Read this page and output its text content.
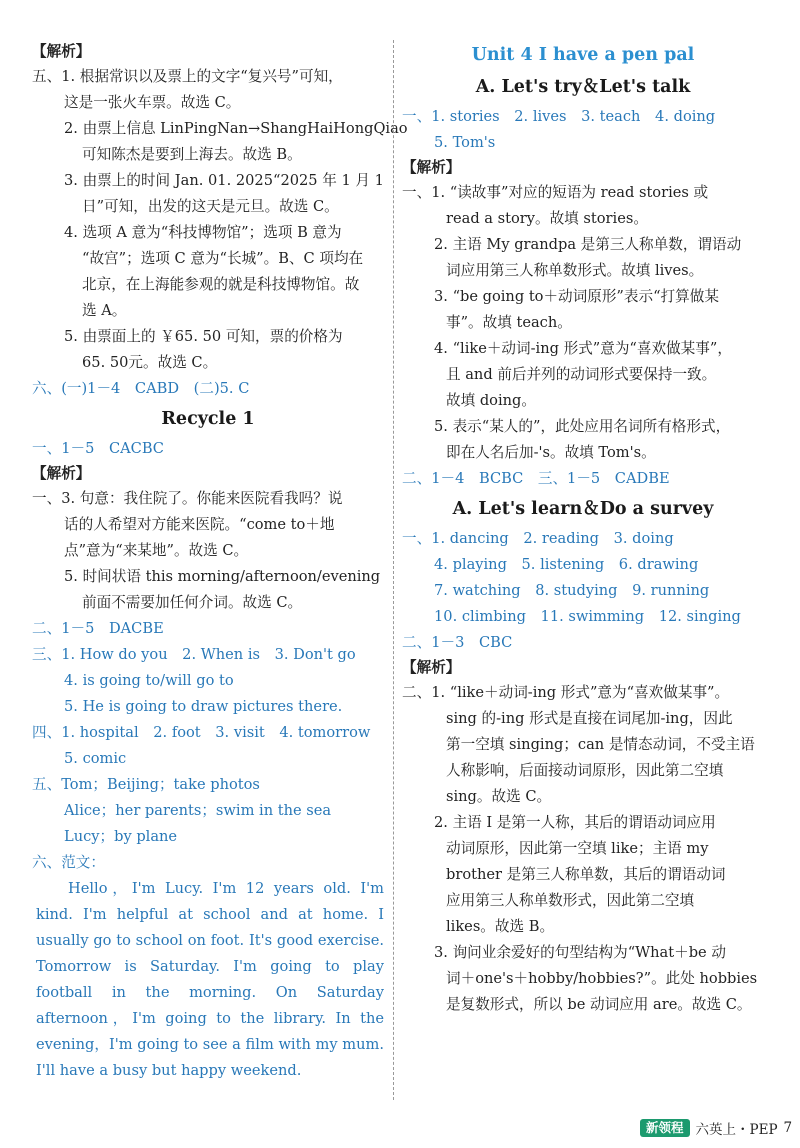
【解析】

五、1. 根据常识以及票上的文字“复兴号”可知，

这是一张火车票。故选 C。

2. 由票上信息 LinPingNan→ShangHaiHongQiao

可知陈杰是要到上海去。故选 B。

3. 由票上的时间 Jan. 01. 2025“2025 年 1 月 1

日”可知，出发的这天是元旦。故选 C。

4. 选项 A 意为“科技博物馆”；选项 B 意为

“故宫”；选项 C 意为“长城”。B、C 项均在

北京，在上海能参观的就是科技博物馆。故

选 A。

5. 由票面上的 ￥65. 50 可知，票的价格为

65. 50元。故选 C。

六、(一)1－4　CABD　(二)5. C

Recycle 1

一、1－5　CACBC

【解析】

一、3. 句意：我住院了。你能来医院看我吗？说

话的人希望对方能来医院。“come to＋地

点”意为“来某地”。故选 C。

5. 时间状语 this morning/afternoon/evening

前面不需要加任何介词。故选 C。

二、1－5　DACBE

三、1. How do you　2. When is　3. Don't go

4. is going to/will go to

5. He is going to draw pictures there.

四、1. hospital　2. foot　3. visit　4. tomorrow

5. comic

五、Tom；Beijing；take photos

Alice；her parents；swim in the sea

Lucy；by plane

六、范文：

Hello，I'm Lucy. I'm 12 years old. I'm kind. I'm helpful at school and at home. I usually go to school on foot. It's good exercise. Tomorrow is Saturday. I'm going to play football in the morning. On Saturday afternoon，I'm going to the library. In the evening，I'm going to see a film with my mum. I'll have a busy but happy weekend.

Unit 4 I have a pen pal
A. Let's try＆Let's talk

一、1. stories　2. lives　3. teach　4. doing

5. Tom's

【解析】

一、1. “读故事”对应的短语为 read stories 或

read a story。故填 stories。

2. 主语 My grandpa 是第三人称单数，谓语动

词应用第三人称单数形式。故填 lives。

3. “be going to＋动词原形”表示“打算做某

事”。故填 teach。

4. “like＋动词-ing 形式”意为“喜欢做某事”，

且 and 前后并列的动词形式要保持一致。

故填 doing。

5. 表示“某人的”，此处应用名词所有格形式，

即在人名后加-'s。故填 Tom's。

二、1－4　BCBC　三、1－5　CADBE

A. Let's learn＆Do a survey

一、1. dancing　2. reading　3. doing

4. playing　5. listening　6. drawing

7. watching　8. studying　9. running

10. climbing　11. swimming　12. singing

二、1－3　CBC

【解析】

二、1. “like＋动词-ing 形式”意为“喜欢做某事”。

sing 的-ing 形式是直接在词尾加-ing，因此

第一空填 singing；can 是情态动词，不受主语

人称影响，后面接动词原形，因此第二空填

sing。故选 C。

2. 主语 I 是第一人称，其后的谓语动词应用

动词原形，因此第一空填 like；主语 my

brother 是第三人称单数，其后的谓语动词

应用第三人称单数形式，因此第二空填

likes。故选 B。

3. 询问业余爱好的句型结构为“What＋be 动

词＋one's＋hobby/hobbies?”。此处 hobbies

是复数形式，所以 be 动词应用 are。故选 C。

新领程 六英上・PEP 7
